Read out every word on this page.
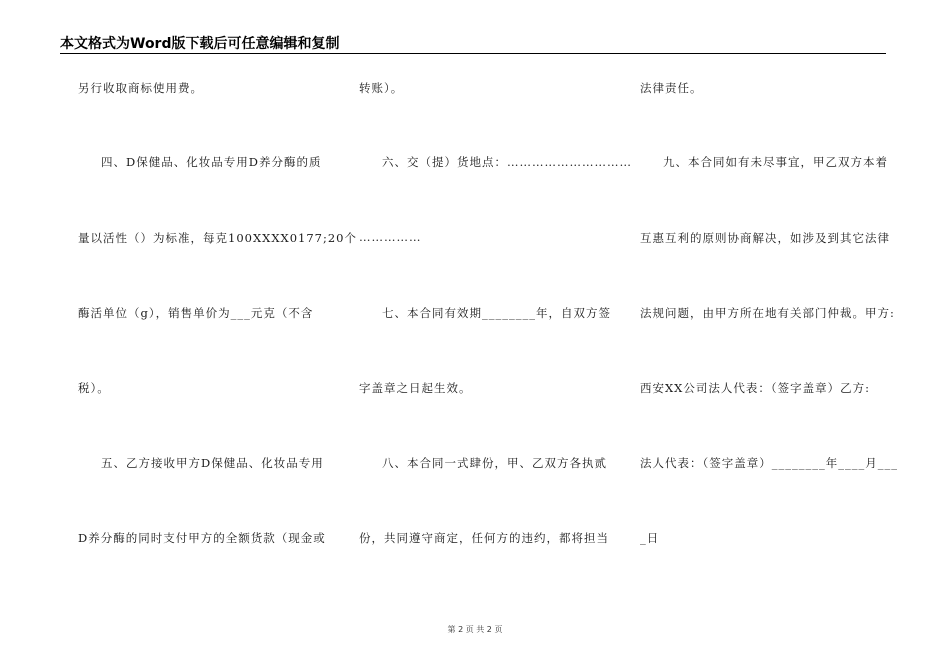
本文格式为Word版下载后可任意编辑和复制
另行收取商标使用费。
四、D保健品、化妆品专用D养分酶的质
量以活性（）为标准，每克100XXXX0177;20个
酶活单位（g），销售单价为___元克（不含
税）。
五、乙方接收甲方D保健品、化妆品专用
D养分酶的同时支付甲方的全额货款（现金或
转账）。
六、交（提）货地点：…………………………
……………
七、本合同有效期________年，自双方签
字盖章之日起生效。
八、本合同一式肆份，甲、乙双方各执贰
份，共同遵守商定，任何方的违约，都将担当
法律责任。
九、本合同如有未尽事宜，甲乙双方本着
互惠互利的原则协商解决，如涉及到其它法律
法规问题，由甲方所在地有关部门仲裁。甲方:
西安XX公司法人代表：（签字盖章）乙方:
法人代表：（签字盖章）________年____月___
_日
第 2 页 共 2 页
